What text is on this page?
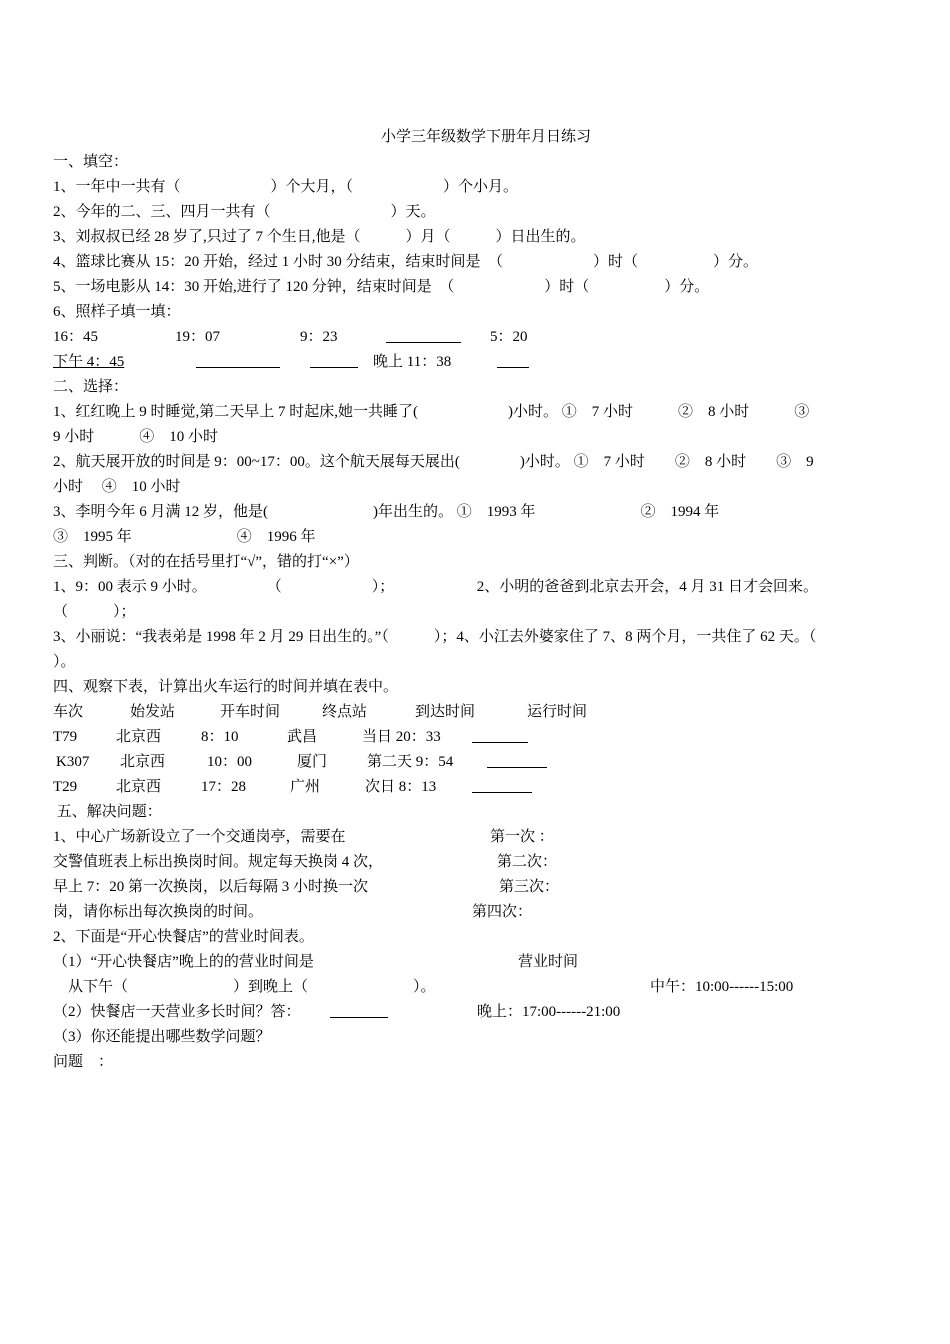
小学三年级数学下册年月日练习
一、填空：
1、一年中一共有（　　　　　　）个大月，（　　　　　　）个小月。
2、今年的二、三、四月一共有（　　　　　　　　）天。
3、刘叔叔已经 28 岁了,只过了 7 个生日,他是（　　　）月（　　　）日出生的。
4、篮球比赛从 15：20 开始，经过 1 小时 30 分结束，结束时间是　（　　　　　　）时（　　　　　）分。
5、一场电影从 14：30 开始,进行了 120 分钟，结束时间是　（　　　　　　）时（　　　　　）分。
6、照样子填一填：
16：45	19：07	9：23	5：20
下午 4：45	晚上 11：38
二、选择：
1、红红晚上 9 时睡觉,第二天早上 7 时起床,她一共睡了(　　　　　　)小时。 ①　7 小时　　　②　8 小时　　　③
9 小时　　　④　10 小时
2、航天展开放的时间是 9：00~17：00。这个航天展每天展出(　　　　)小时。 ①　7 小时　　②　8 小时　　③　9
小时　 ④　10 小时
3、李明今年 6 月满 12 岁，他是(　　　　　　　)年出生的。 ①　1993 年　　　　　　　②　1994 年
③　1995 年　　　　　　　④　1996 年
三、判断。（对的在括号里打“√”，错的打“×”）
1、9：00 表示 9 小时。　　　　　（　　　　　　）；　　　　　　2、小明的爸爸到北京去开会，4 月 31 日才会回来。
（　　　）；
3、小丽说：“我表弟是 1998 年 2 月 29 日出生的。”（　　　）；4、小江去外婆家住了 7、8 两个月，一共住了 62 天。（
）。
四、观察下表，计算出火车运行的时间并填在表中。
车次	始发站	开车时间	终点站	到达时间	运行时间
T79	北京西	8：10	武昌	当日 20：33
K307 北京西	10：00	厦门	第二天 9：54
T29	北京西	17：28	广州	次日 8：13
五、解决问题：
1、中心广场新设立了一个交通岗亭，需要在
交警值班表上标出换岗时间。规定每天换岗 4 次，
早上 7：20 第一次换岗，以后每隔 3 小时换一次
岗，请你标出每次换岗的时间。
第一次 ：
第二次：
第三次：
第四次：
2、下面是“开心快餐店”的营业时间表。
（1）“开心快餐店”晚上的的营业时间是	营业时间
　从下午（　　　　　　　）到晚上（　　　　　　　）。	中午：10:00------15:00
（2）快餐店一天营业多长时间？答：	晚上：17:00------21:00
（3）你还能提出哪些数学问题？
问题　：
